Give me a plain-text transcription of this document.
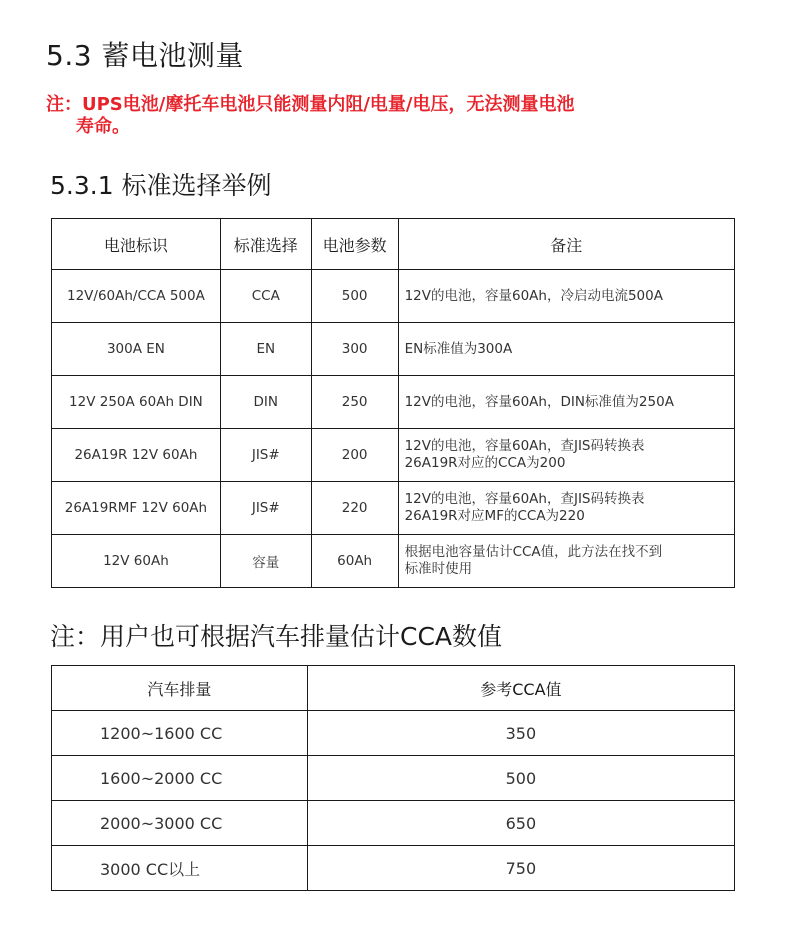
5.3 蓄电池测量
注：UPS电池/摩托车电池只能测量内阻/电量/电压，无法测量电池
寿命。
5.3.1 标准选择举例
电池标识	标准选择	电池参数	备注
12V/60Ah/CCA 500A	CCA	500	12V的电池，容量60Ah，冷启动电流500A
300A EN	EN	300	EN标准值为300A
12V 250A 60Ah DIN	DIN	250	12V的电池，容量60Ah，DIN标准值为250A
26A19R 12V 60Ah	JIS#	200	12V的电池，容量60Ah，查JIS码转换表
26A19R对应的CCA为200
26A19RMF 12V 60Ah	JIS#	220	12V的电池，容量60Ah，查JIS码转换表
26A19R对应MF的CCA为220
12V 60Ah	容量	60Ah	根据电池容量估计CCA值，此方法在找不到
标准时使用
注：用户也可根据汽车排量估计CCA数值
汽车排量	参考CCA值
1200~1600 CC	350
1600~2000 CC	500
2000~3000 CC	650
3000 CC以上	750
